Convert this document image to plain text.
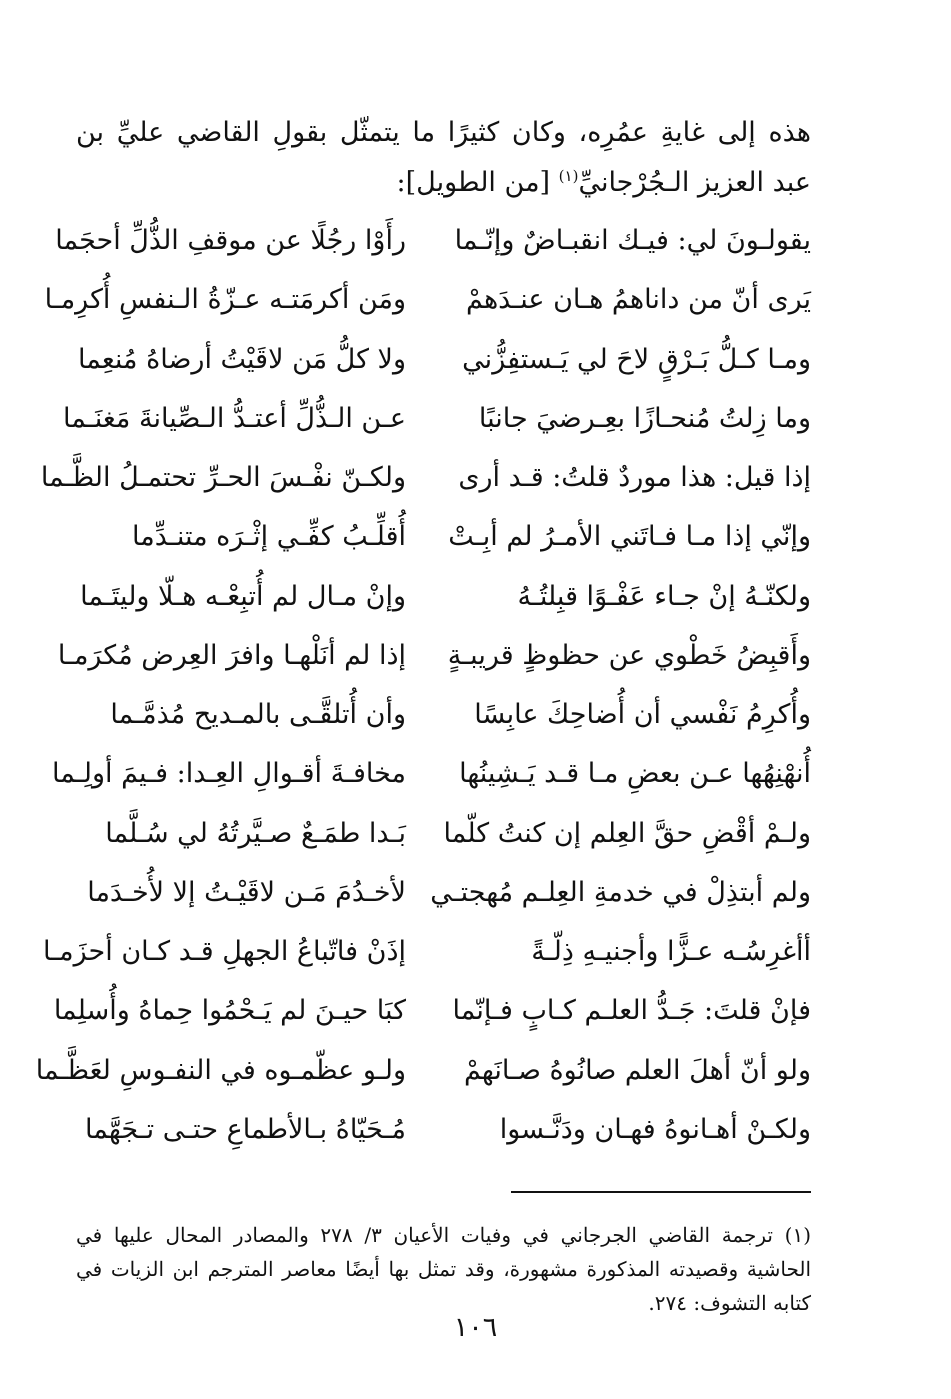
هذه إلى غايةِ عمُرِه، وكان كثيرًا ما يتمثّل بقولِ القاضي عليِّ بن عبد العزيز الـجُرْجانيِّ$^{(١)}$ [من الطويل]:

يقولـونَ لي: فيـك انقبـاضٌ وإنّـما
رأَوْا رجُلًا عن موقفِ الذُّلِّ أحجَما
يَرى أنّ من داناهمُ هـان عنـدَهمْ
ومَن أكرمَتـه عـزّةُ الـنفسِ أُكرِمـا
ومـا كـلُّ بَـرْقٍ لاحَ لي يَـستفِزُّني
ولا كلُّ مَن لاقَيْتُ أرضاهُ مُنعِما
وما زِلتُ مُنحـازًا بعِـرضيَ جانبًا
عـن الـذُّلِّ أعتـدُّ الـصِّيانةَ مَغنَـما
إذا قيل: هذا موردٌ قلتُ: قـد أرى
ولكـنّ نفْـسَ الحـرِّ تحتمـلُ الظَّـما
وإنّي إذا مـا فـاتَني الأمـرُ لم أبِـتْ
أُقلِّـبُ كفِّـي إثْـرَه متنـدِّما
ولكنّـهُ إنْ جـاء عَفْـوًا قبِلتُـهُ
وإنْ مـال لم أُتبِعْـه هـلّا وليتَـما
وأَقبِضُ خَطْوي عن حظوظٍ قريبـةٍ
إذا لم أنَلْهـا وافرَ العِرض مُكرَمـا
وأُكرِمُ نَفْسي أن أُضاحِكَ عابِسًا
وأن أُتلقَّـى بالمـديح مُذمَّـما
أُنهْنِهُها عـن بعضِ مـا قـد يَـشِينُها
مخافـةَ أقـوالِ العِـدا: فـيمَ أولِـما
ولـمْ أقْضِ حقَّ العِلم إن كنتُ كلّما
بَـدا طمَـعٌ صـيَّرتُهُ لي سُـلَّما
ولم أبتذِلْ في خدمةِ العِلـم مُهجتـي
لأخـدُمَ مَـن لاقَيْـتُ إلا لأُخـدَما
أأغرِسُـه عـزًّا وأجنيـهِ ذِلّـةً
إذَنْ فاتّباعُ الجهلِ قـد كـان أحزَمـا
فإنْ قلتَ: جَـدُّ العلـم كـابٍ فـإنّما
كبَا حيـنَ لم يَـحْمُوا حِماهُ وأُسلِما
ولو أنّ أهلَ العلم صانُوهُ صـانَهمْ
ولـو عظّمـوه في النفـوسِ لعَظَّـما
ولكـنْ أهـانوهُ فهـان ودَنَّـسوا
مُـحَيّاهُ بـالأطماعِ حتـى تـجَهَّما

(١) ترجمة القاضي الجرجاني في وفيات الأعيان ٣/ ٢٧٨ والمصادر المحال عليها في الحاشية وقصيدته المذكورة مشهورة، وقد تمثل بها أيضًا معاصر المترجم ابن الزيات في كتابه التشوف: ٢٧٤.

١٠٦
